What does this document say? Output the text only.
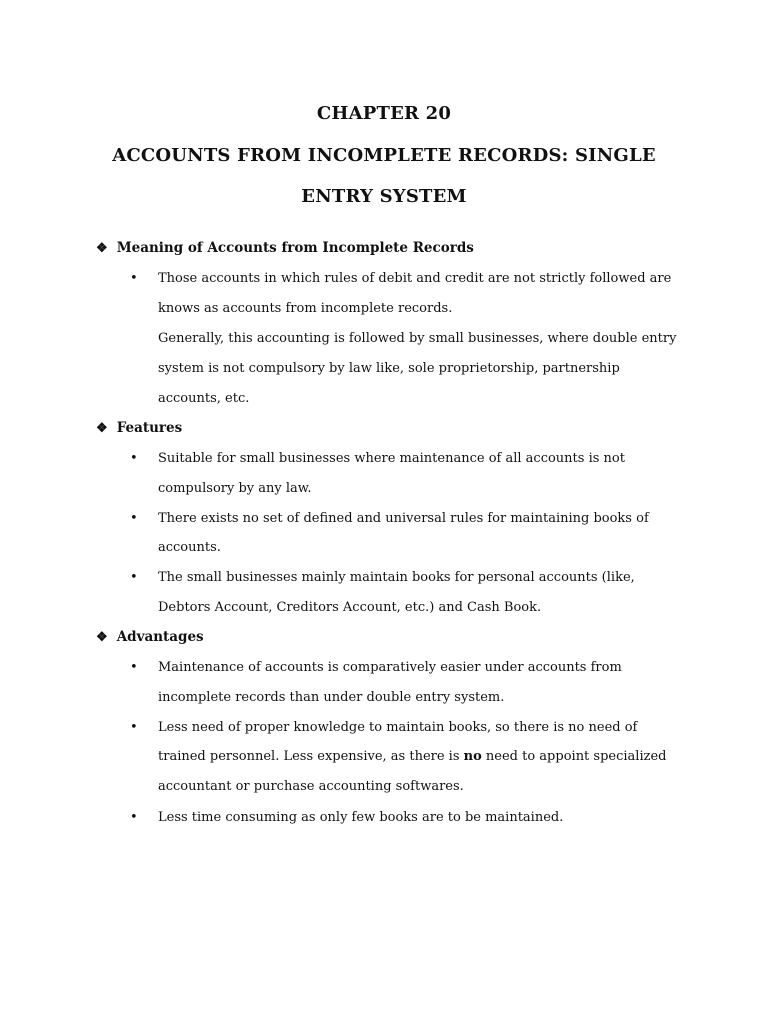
CHAPTER 20
ACCOUNTS FROM INCOMPLETE RECORDS: SINGLE
ENTRY SYSTEM
❖ Meaning of Accounts from Incomplete Records
• Those accounts in which rules of debit and credit are not strictly followed are
knows as accounts from incomplete records.
Generally, this accounting is followed by small businesses, where double entry
system is not compulsory by law like, sole proprietorship, partnership
accounts, etc.
❖ Features
• Suitable for small businesses where maintenance of all accounts is not
compulsory by any law.
• There exists no set of defined and universal rules for maintaining books of
accounts.
• The small businesses mainly maintain books for personal accounts (like,
Debtors Account, Creditors Account, etc.) and Cash Book.
❖ Advantages
• Maintenance of accounts is comparatively easier under accounts from
incomplete records than under double entry system.
• Less need of proper knowledge to maintain books, so there is no need of
trained personnel. Less expensive, as there is no need to appoint specialized
accountant or purchase accounting softwares.
• Less time consuming as only few books are to be maintained.
